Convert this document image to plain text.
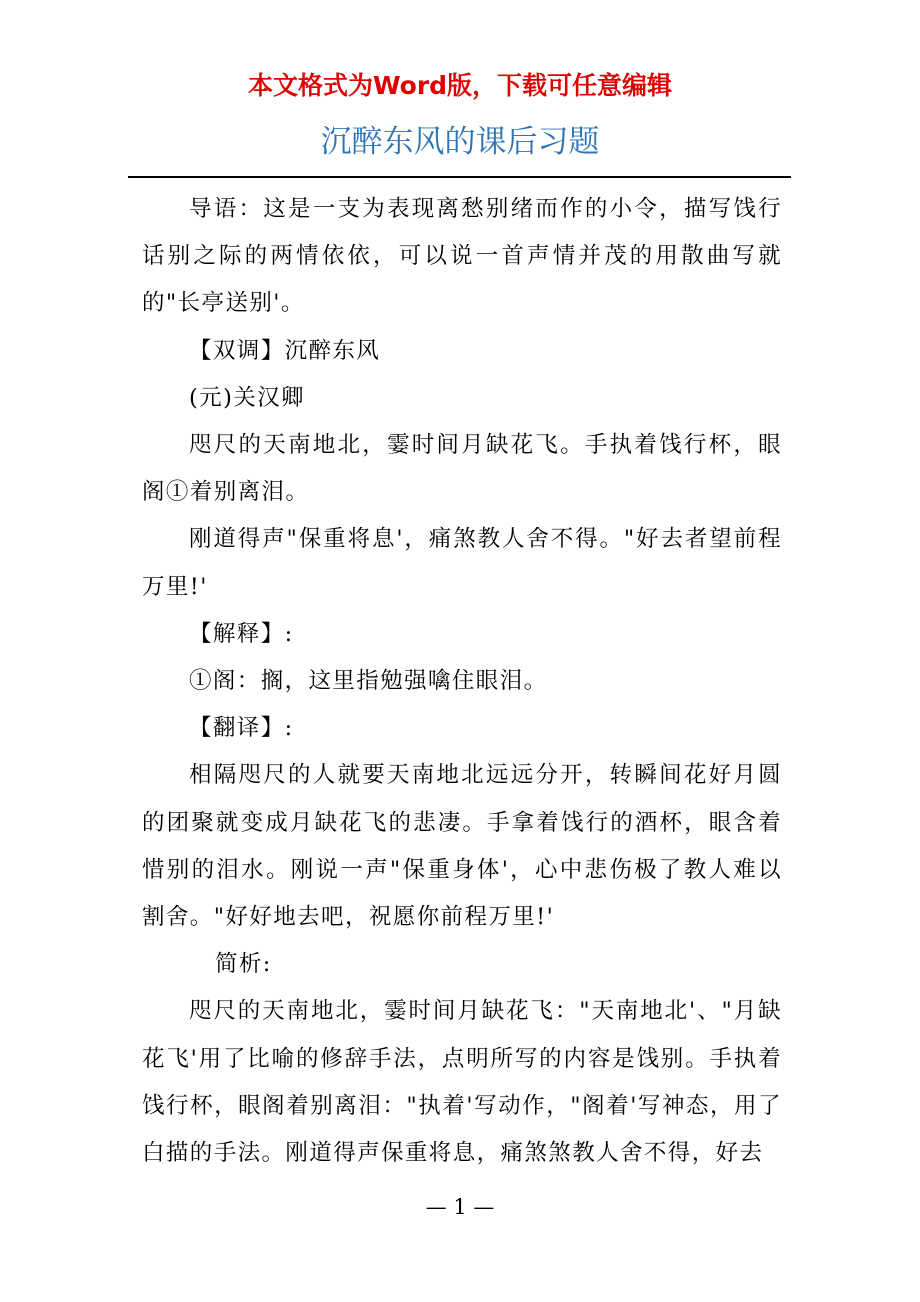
本文格式为Word版，下载可任意编辑
沉醉东风的课后习题

导语：这是一支为表现离愁别绪而作的小令，描写饯行话别之际的两情依依，可以说一首声情并茂的用散曲写就的"长亭送别'。

【双调】沉醉东风

(元)关汉卿

咫尺的天南地北，霎时间月缺花飞。手执着饯行杯，眼阁①着别离泪。

刚道得声"保重将息'，痛煞教人舍不得。"好去者望前程万里!'

【解释】:

①阁：搁，这里指勉强噙住眼泪。

【翻译】:

相隔咫尺的人就要天南地北远远分开，转瞬间花好月圆的团聚就变成月缺花飞的悲凄。手拿着饯行的酒杯，眼含着惜别的泪水。刚说一声"保重身体'，心中悲伤极了教人难以割舍。"好好地去吧，祝愿你前程万里!'

简析:

咫尺的天南地北，霎时间月缺花飞："天南地北'、"月缺花飞'用了比喻的修辞手法，点明所写的内容是饯别。手执着饯行杯，眼阁着别离泪："执着'写动作，"阁着'写神态，用了白描的手法。刚道得声保重将息，痛煞煞教人舍不得，好去

— 1 —
